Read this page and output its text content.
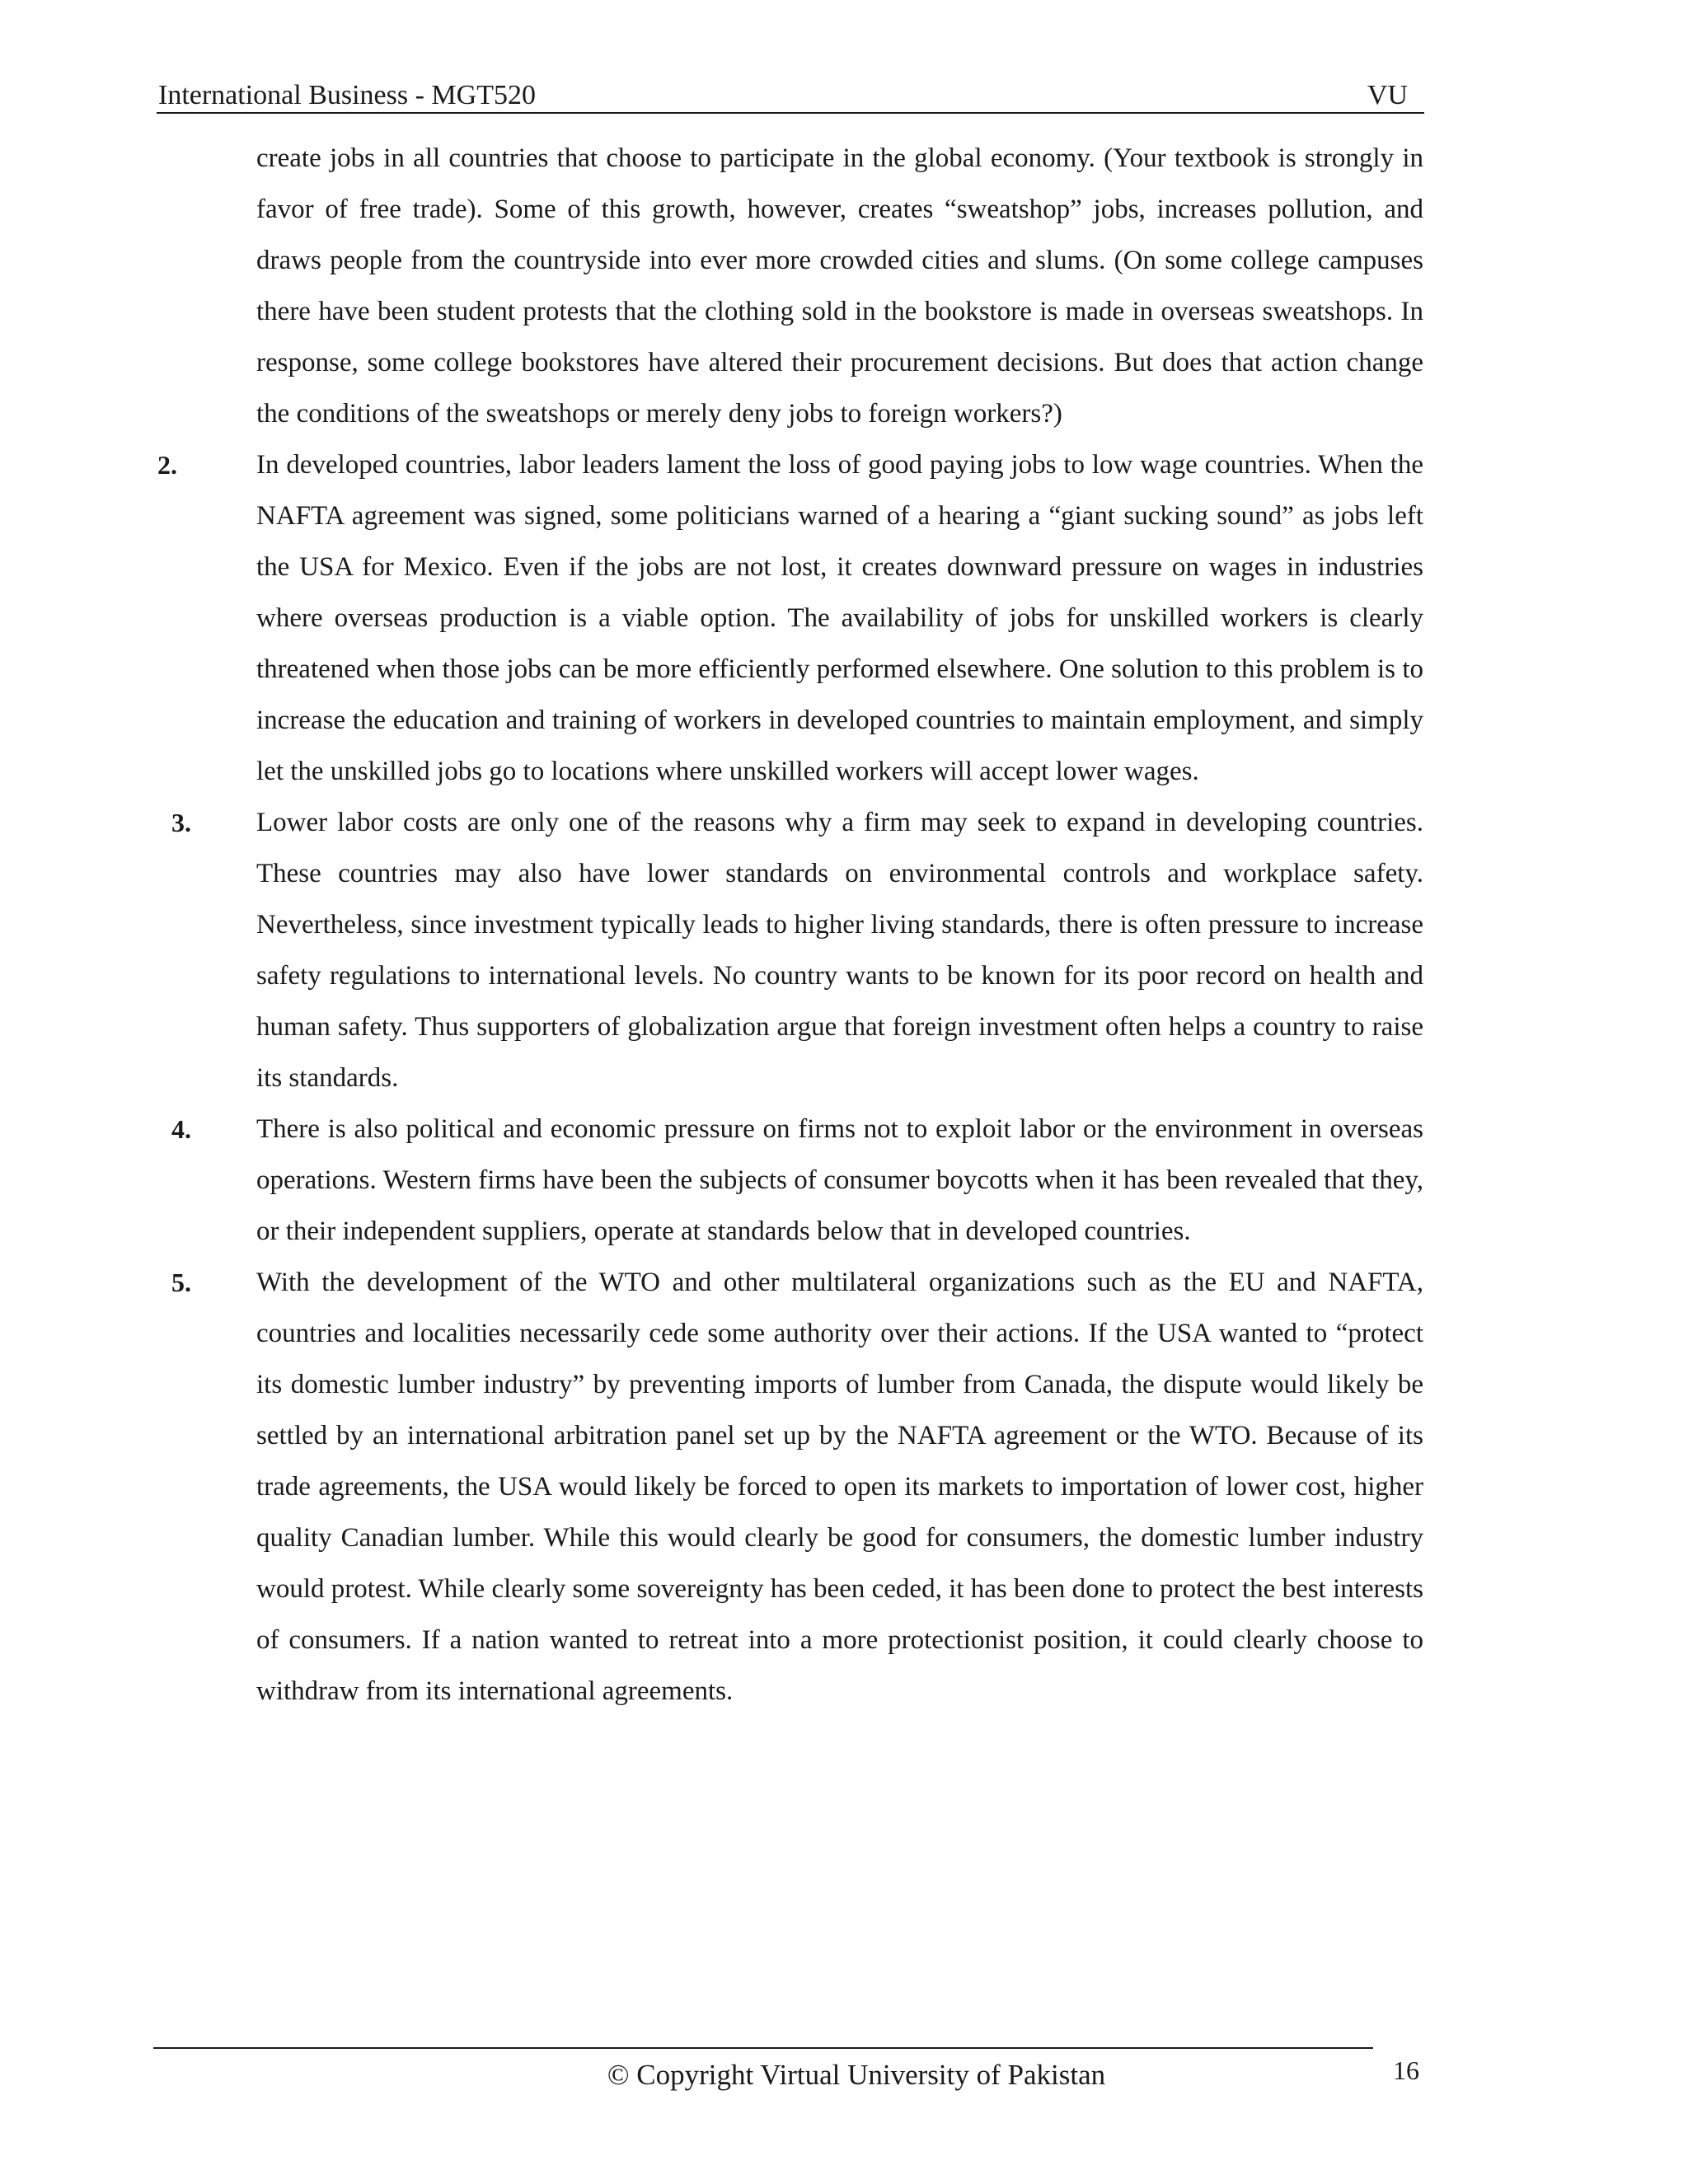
International Business - MGT520	VU

create jobs in all countries that choose to participate in the global economy. (Your textbook is strongly in favor of free trade). Some of this growth, however, creates “sweatshop” jobs, increases pollution, and draws people from the countryside into ever more crowded cities and slums. (On some college campuses there have been student protests that the clothing sold in the bookstore is made in overseas sweatshops. In response, some college bookstores have altered their procurement decisions. But does that action change the conditions of the sweatshops or merely deny jobs to foreign workers?)

2.	In developed countries, labor leaders lament the loss of good paying jobs to low wage countries. When the NAFTA agreement was signed, some politicians warned of a hearing a “giant sucking sound” as jobs left the USA for Mexico. Even if the jobs are not lost, it creates downward pressure on wages in industries where overseas production is a viable option. The availability of jobs for unskilled workers is clearly threatened when those jobs can be more efficiently performed elsewhere. One solution to this problem is to increase the education and training of workers in developed countries to maintain employment, and simply let the unskilled jobs go to locations where unskilled workers will accept lower wages.

3. Lower labor costs are only one of the reasons why a firm may seek to expand in developing countries. These countries may also have lower standards on environmental controls and workplace safety. Nevertheless, since investment typically leads to higher living standards, there is often pressure to increase safety regulations to international levels. No country wants to be known for its poor record on health and human safety. Thus supporters of globalization argue that foreign investment often helps a country to raise its standards.

4. There is also political and economic pressure on firms not to exploit labor or the environment in overseas operations. Western firms have been the subjects of consumer boycotts when it has been revealed that they, or their independent suppliers, operate at standards below that in developed countries.

5. With the development of the WTO and other multilateral organizations such as the EU and NAFTA, countries and localities necessarily cede some authority over their actions. If the USA wanted to “protect its domestic lumber industry” by preventing imports of lumber from Canada, the dispute would likely be settled by an international arbitration panel set up by the NAFTA agreement or the WTO. Because of its trade agreements, the USA would likely be forced to open its markets to importation of lower cost, higher quality Canadian lumber. While this would clearly be good for consumers, the domestic lumber industry would protest. While clearly some sovereignty has been ceded, it has been done to protect the best interests of consumers. If a nation wanted to retreat into a more protectionist position, it could clearly choose to withdraw from its international agreements.

© Copyright Virtual University of Pakistan	16
